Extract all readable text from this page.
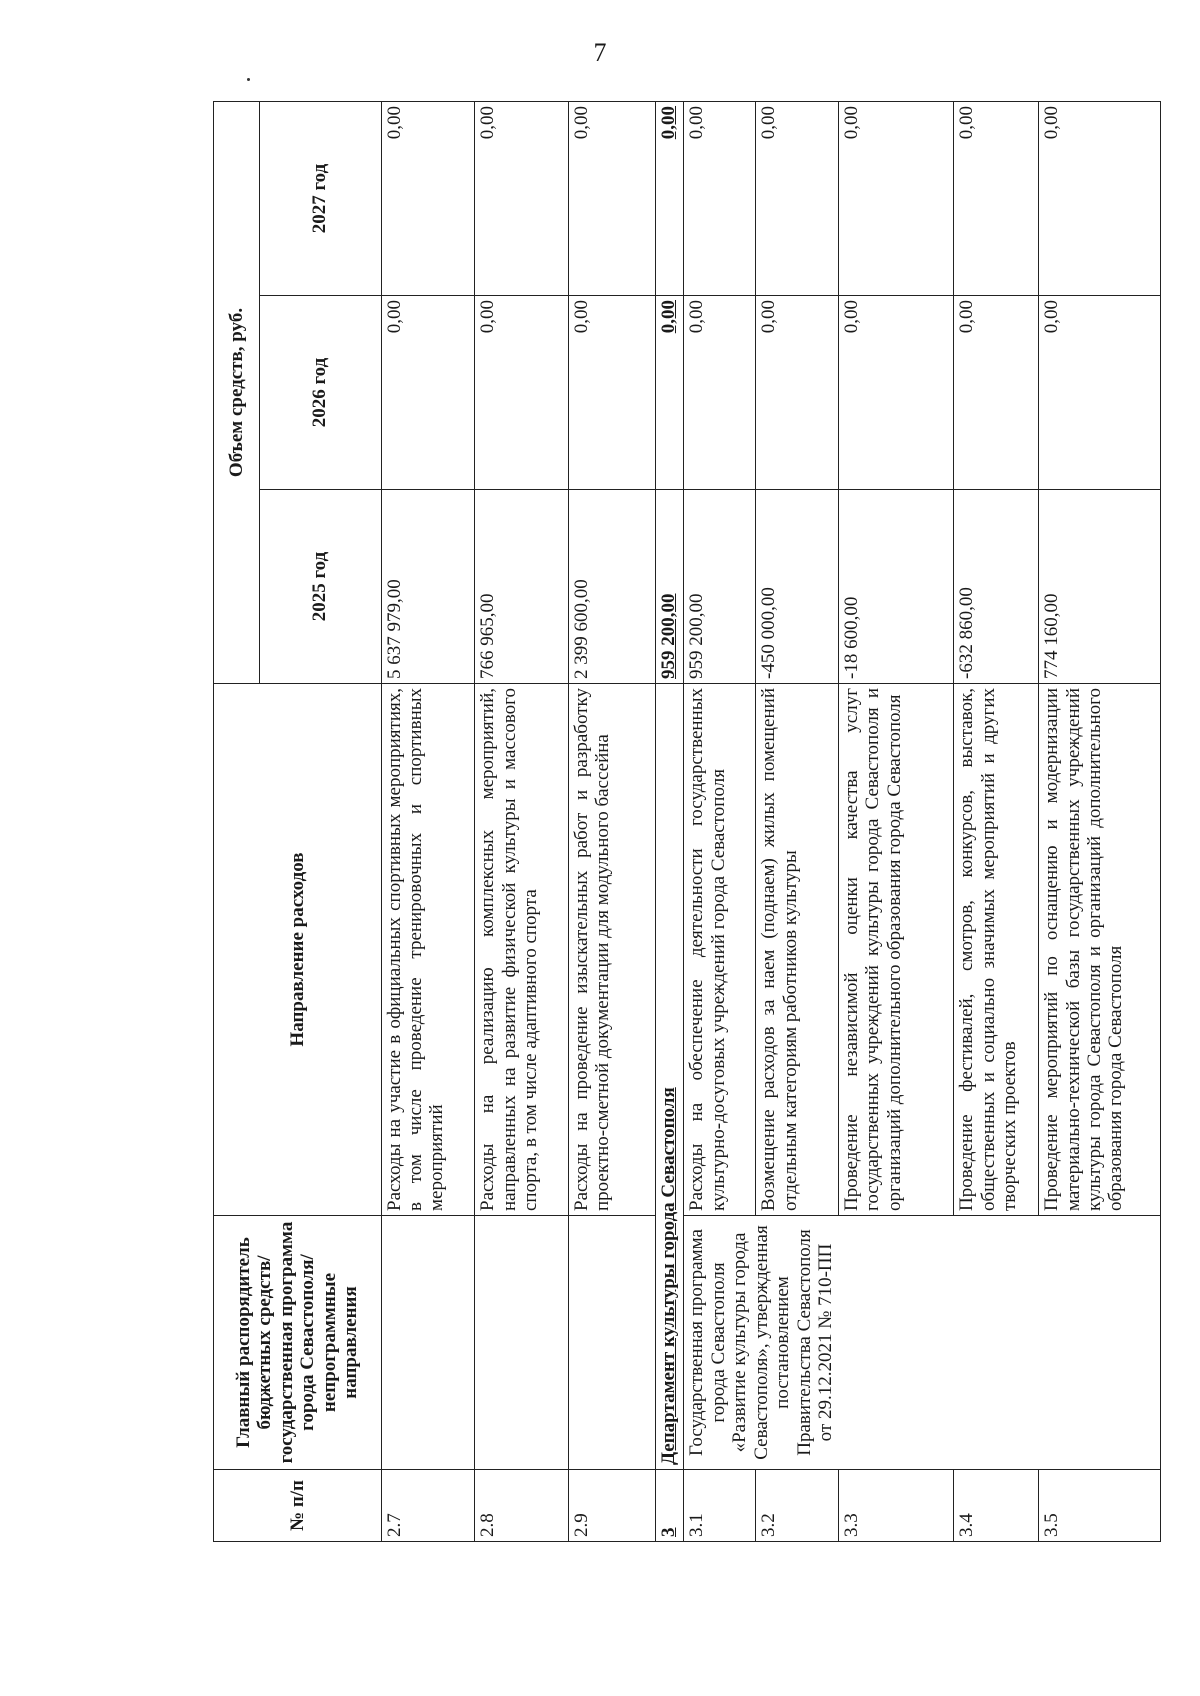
7
№ п/п	Главный распорядитель бюджетных средств/государственная программа города Севастополя/непрограммные направления	Направление расходов	Объем средств, руб.		
			2025 год	2026 год	2027 год
2.7		Расходы на участие в официальных спортивных мероприятиях, в том числе проведение тренировочных и спортивных мероприятий	5 637 979,00	0,00	0,00
2.8		Расходы на реализацию комплексных мероприятий, направленных на развитие физической культуры и массового спорта, в том числе адаптивного спорта	766 965,00	0,00	0,00
2.9		Расходы на проведение изыскательных работ и разработку проектно-сметной документации для модульного бассейна	2 399 600,00	0,00	0,00
3	Департамент культуры города Севастополя		959 200,00	0,00	0,00
3.1	Государственная программа города Севастополя «Развитие культуры города Севастополя», утвержденная постановлением Правительства Севастополя от 29.12.2021 № 710-ПП	Расходы на обеспечение деятельности государственных культурно-досуговых учреждений города Севастополя	959 200,00	0,00	0,00
3.2		Возмещение расходов за наем (поднаем) жилых помещений отдельным категориям работников культуры	-450 000,00	0,00	0,00
3.3		Проведение независимой оценки качества услуг государственных учреждений культуры города Севастополя и организаций дополнительного образования города Севастополя	-18 600,00	0,00	0,00
3.4		Проведение фестивалей, смотров, конкурсов, выставок, общественных и социально значимых мероприятий и других творческих проектов	-632 860,00	0,00	0,00
3.5		Проведение мероприятий по оснащению и модернизации материально-технической базы государственных учреждений культуры города Севастополя и организаций дополнительного образования города Севастополя	774 160,00	0,00	0,00
